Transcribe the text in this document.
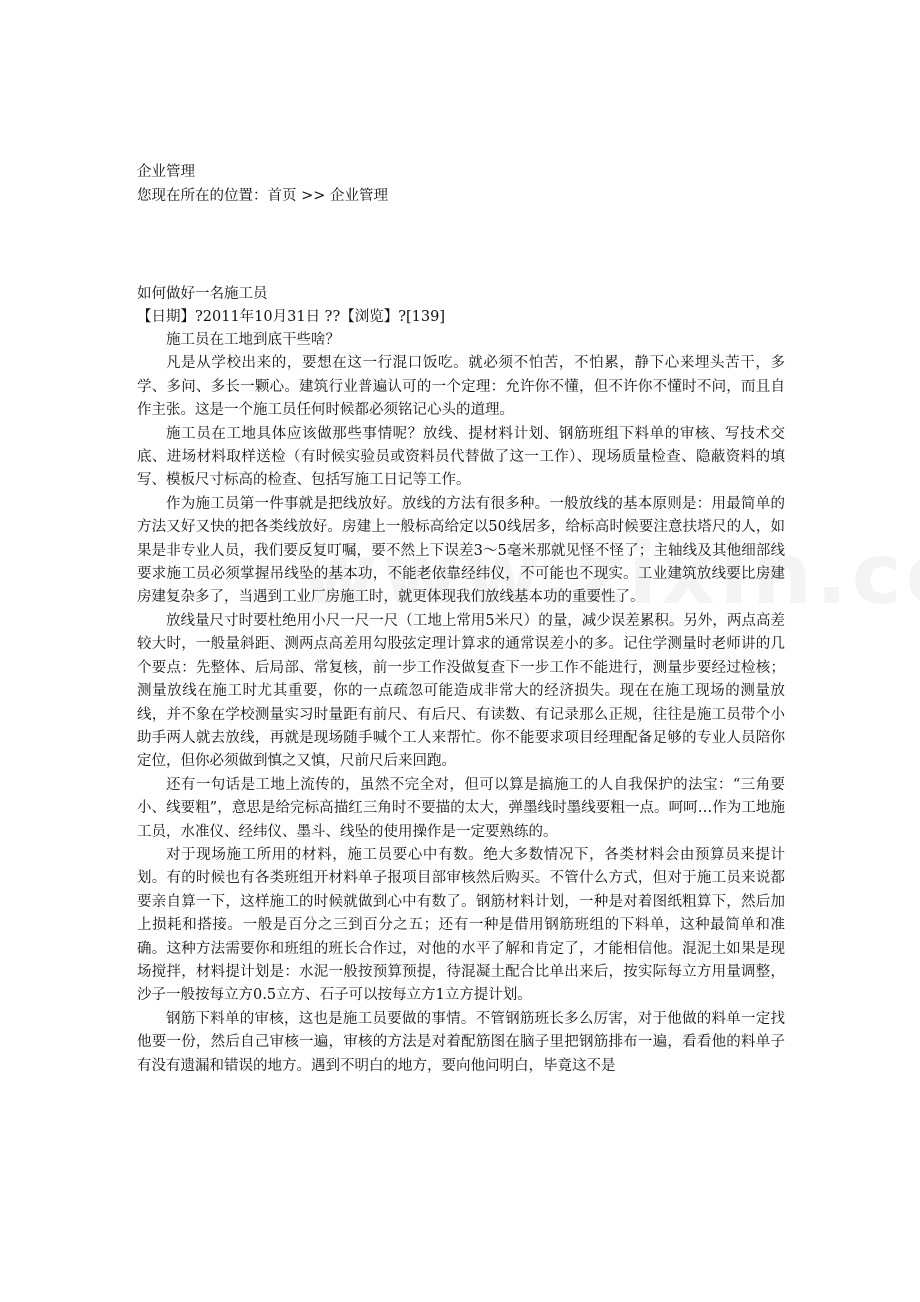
企业管理
您现在所在的位置：首页 >> 企业管理
如何做好一名施工员
【日期】?2011年10月31日 ??【浏览】?[139]

施工员在工地到底干些啥？

凡是从学校出来的，要想在这一行混口饭吃。就必须不怕苦，不怕累，静下心来埋头苦干，多学、多问、多长一颗心。建筑行业普遍认可的一个定理：允许你不懂，但不许你不懂时不问，而且自作主张。这是一个施工员任何时候都必须铭记心头的道理。

施工员在工地具体应该做那些事情呢？放线、提材料计划、钢筋班组下料单的审核、写技术交底、进场材料取样送检（有时候实验员或资料员代替做了这一工作）、现场质量检查、隐蔽资料的填写、模板尺寸标高的检查、包括写施工日记等工作。

作为施工员第一件事就是把线放好。放线的方法有很多种。一般放线的基本原则是：用最简单的方法又好又快的把各类线放好。房建上一般标高给定以50线居多，给标高时候要注意扶塔尺的人，如果是非专业人员，我们要反复叮嘱，要不然上下误差3～5毫米那就见怪不怪了；主轴线及其他细部线要求施工员必须掌握吊线坠的基本功，不能老依靠经纬仪，不可能也不现实。工业建筑放线要比房建房建复杂多了，当遇到工业厂房施工时，就更体现我们放线基本功的重要性了。

放线量尺寸时要杜绝用小尺一尺一尺（工地上常用5米尺）的量，减少误差累积。另外，两点高差较大时，一般量斜距、测两点高差用勾股弦定理计算求的通常误差小的多。记住学测量时老师讲的几个要点：先整体、后局部、常复核，前一步工作没做复查下一步工作不能进行，测量步要经过检核；测量放线在施工时尤其重要，你的一点疏忽可能造成非常大的经济损失。现在在施工现场的测量放线，并不象在学校测量实习时量距有前尺、有后尺、有读数、有记录那么正规，往往是施工员带个小助手两人就去放线，再就是现场随手喊个工人来帮忙。你不能要求项目经理配备足够的专业人员陪你定位，但你必须做到慎之又慎，尺前尺后来回跑。

还有一句话是工地上流传的，虽然不完全对，但可以算是搞施工的人自我保护的法宝：“三角要小、线要粗”，意思是给完标高描红三角时不要描的太大，弹墨线时墨线要粗一点。呵呵…作为工地施工员，水准仪、经纬仪、墨斗、线坠的使用操作是一定要熟练的。

对于现场施工所用的材料，施工员要心中有数。绝大多数情况下，各类材料会由预算员来提计划。有的时候也有各类班组开材料单子报项目部审核然后购买。不管什么方式，但对于施工员来说都要亲自算一下，这样施工的时候就做到心中有数了。钢筋材料计划，一种是对着图纸粗算下，然后加上损耗和搭接。一般是百分之三到百分之五；还有一种是借用钢筋班组的下料单，这种最简单和准确。这种方法需要你和班组的班长合作过，对他的水平了解和肯定了，才能相信他。混泥土如果是现场搅拌，材料提计划是：水泥一般按预算预提，待混凝土配合比单出来后，按实际每立方用量调整，沙子一般按每立方0.5立方、石子可以按每立方1立方提计划。

钢筋下料单的审核，这也是施工员要做的事情。不管钢筋班长多么厉害，对于他做的料单一定找他要一份，然后自己审核一遍，审核的方法是对着配筋图在脑子里把钢筋排布一遍，看看他的料单子有没有遗漏和错误的地方。遇到不明白的地方，要向他问明白，毕竟这不是
